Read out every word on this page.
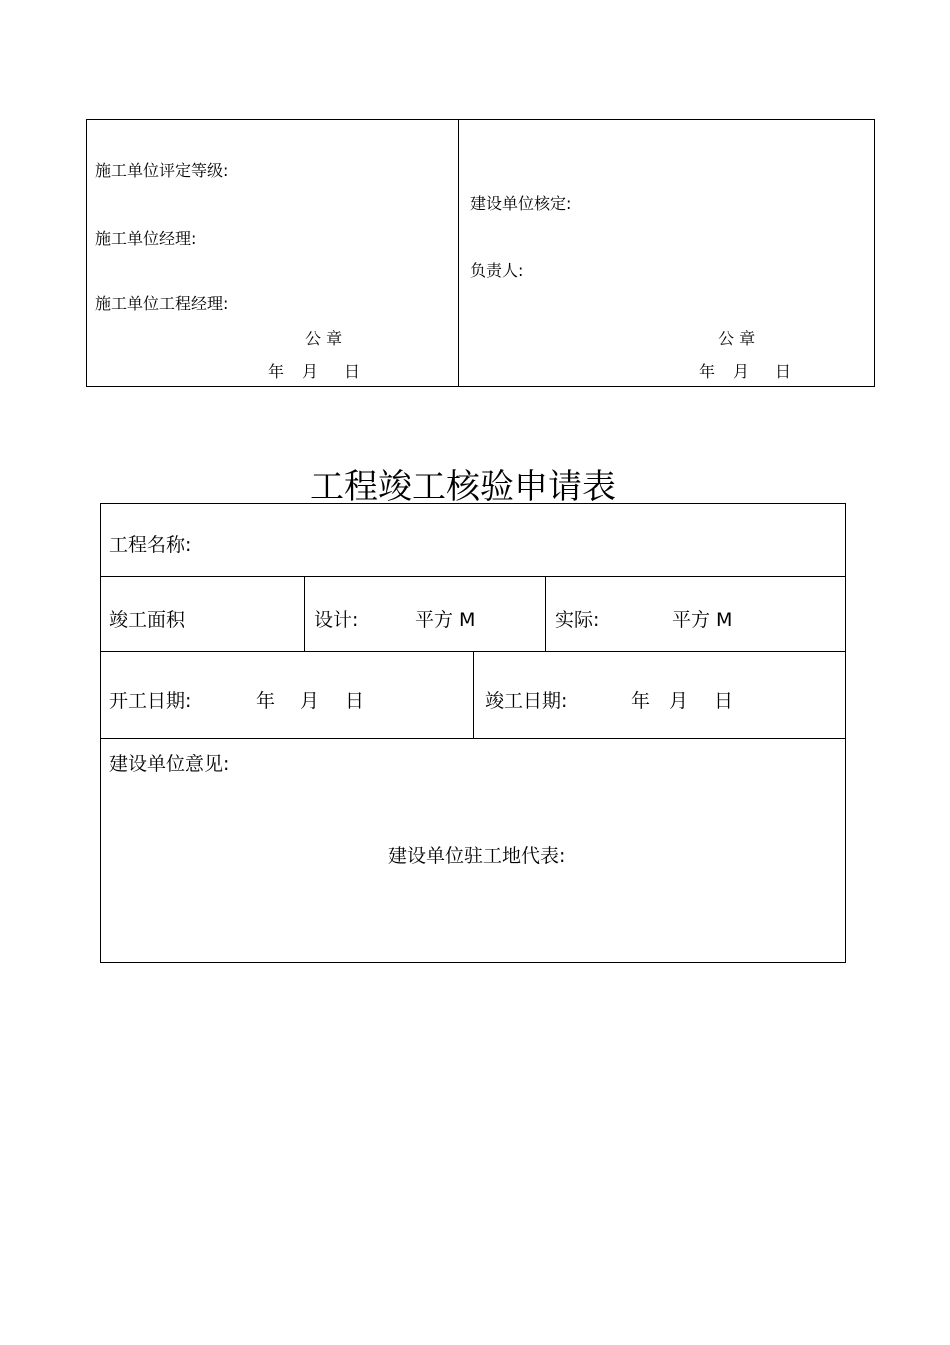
施工单位评定等级:
施工单位经理:
施工单位工程经理:
公 章
年 月 日
建设单位核定:
负责人:
公 章
年 月 日
工程竣工核验申请表
工程名称:
竣工面积	设计:	平方 M	实际:	平方 M
开工日期:	年 月 日	竣工日期:	年 月 日
建设单位意见:
建设单位驻工地代表:
